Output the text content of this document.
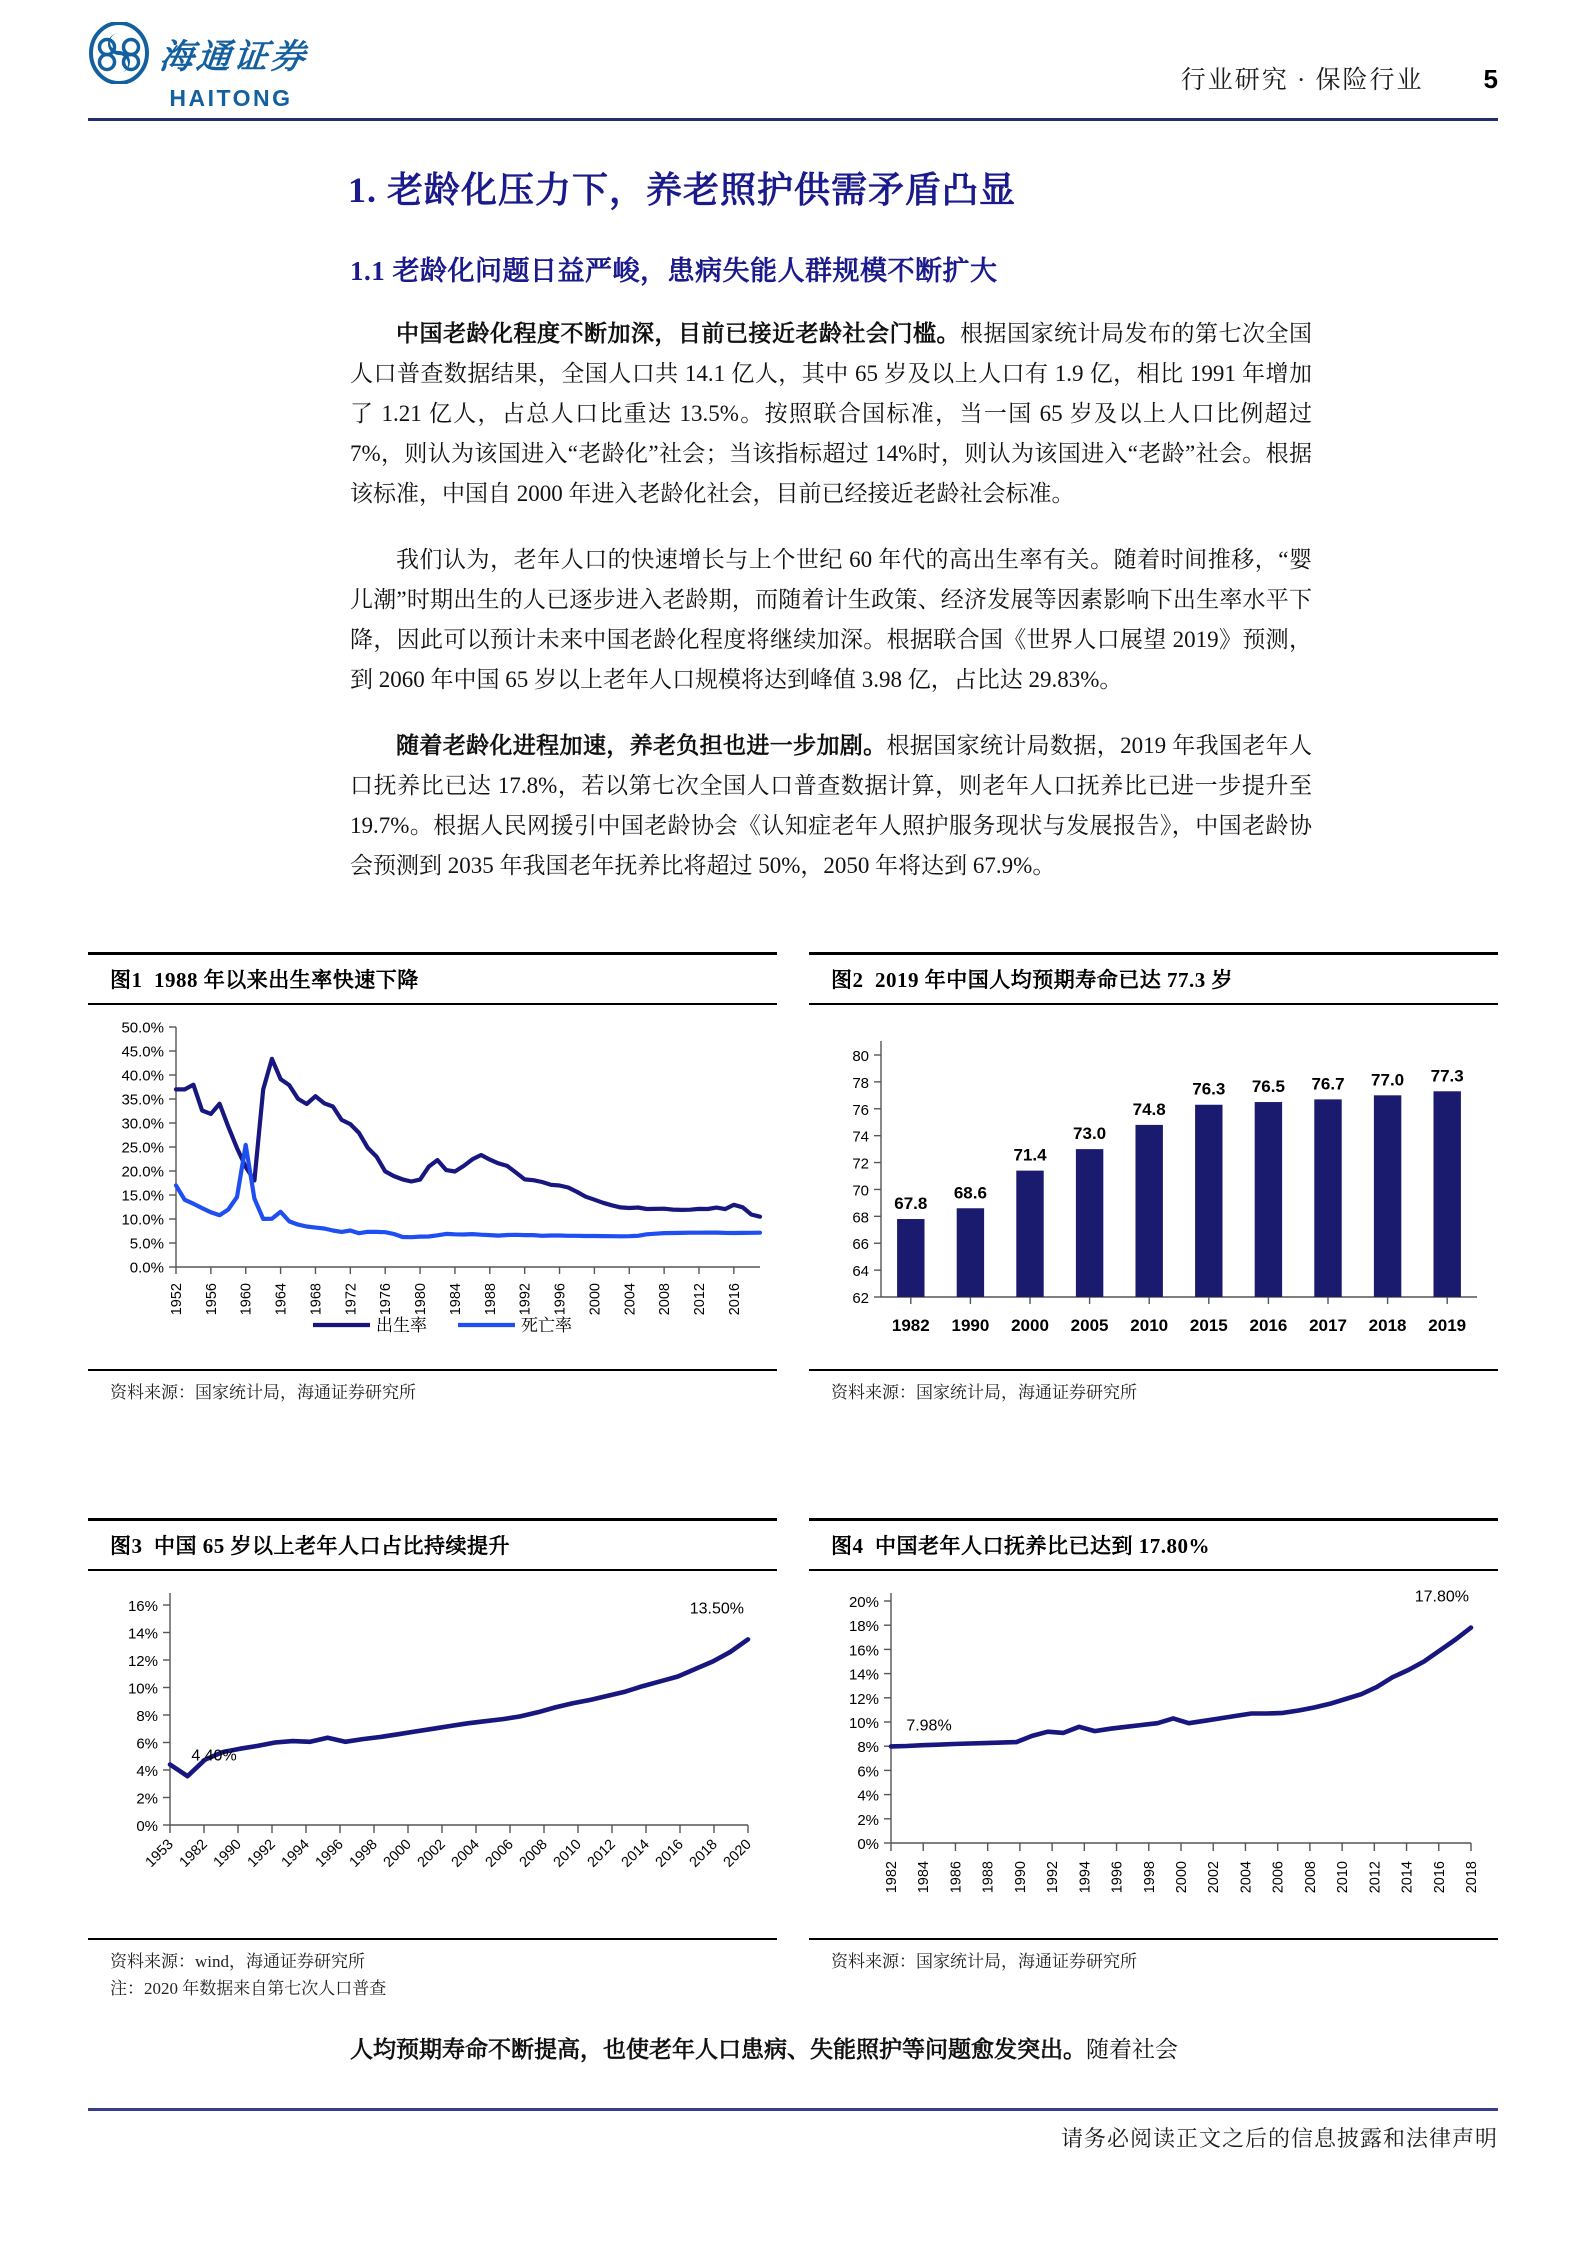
海通证券
HAITONG
行业研究 · 保险行业 5
1. 老龄化压力下，养老照护供需矛盾凸显
1.1 老龄化问题日益严峻，患病失能人群规模不断扩大

中国老龄化程度不断加深，目前已接近老龄社会门槛。根据国家统计局发布的第七次全国人口普查数据结果，全国人口共 14.1 亿人，其中 65 岁及以上人口有 1.9 亿，相比 1991 年增加了 1.21 亿人，占总人口比重达 13.5%。按照联合国标准，当一国 65 岁及以上人口比例超过 7%，则认为该国进入“老龄化”社会；当该指标超过 14%时，则认为该国进入“老龄”社会。根据该标准，中国自 2000 年进入老龄化社会，目前已经接近老龄社会标准。

我们认为，老年人口的快速增长与上个世纪 60 年代的高出生率有关。随着时间推移，“婴儿潮”时期出生的人已逐步进入老龄期，而随着计生政策、经济发展等因素影响下出生率水平下降，因此可以预计未来中国老龄化程度将继续加深。根据联合国《世界人口展望 2019》预测，到 2060 年中国 65 岁以上老年人口规模将达到峰值 3.98 亿，占比达 29.83%。

随着老龄化进程加速，养老负担也进一步加剧。根据国家统计局数据，2019 年我国老年人口抚养比已达 17.8%，若以第七次全国人口普查数据计算，则老年人口抚养比已进一步提升至 19.7%。根据人民网援引中国老龄协会《认知症老年人照护服务现状与发展报告》，中国老龄协会预测到 2035 年我国老年抚养比将超过 50%，2050 年将达到 67.9%。

图1 1988 年以来出生率快速下降
0.0%
5.0%
10.0%
15.0%
20.0%
25.0%
30.0%
35.0%
40.0%
45.0%
50.0%
1952 1956 1960 1964 1968 1972 1976 1980 1984 1988 1992 1996 2000 2004 2008 2012 2016
出生率	死亡率
资料来源：国家统计局，海通证券研究所
图2 2019 年中国人均预期寿命已达 77.3 岁
62
64
66
68
70
72
74
76
78
80
67.8
1982
68.6
1990
71.4
2000
73.0
2005
74.8
2010
76.3
2015
76.5
2016
76.7
2017
77.0
2018
77.3
2019
资料来源：国家统计局，海通证券研究所
图3 中国 65 岁以上老年人口占比持续提升
0%
2%
4%
6%
8%
10%
12%
14%
16%
1953 1982 1990 1992 1994 1996 1998 2000 2002 2004 2006 2008 2010 2012 2014 2016 2018 2020
4.40%
13.50%
资料来源：wind，海通证券研究所
注：2020 年数据来自第七次人口普查
图4 中国老年人口抚养比已达到 17.80%
0%
2%
4%
6%
8%
10%
12%
14%
16%
18%
20%
1982 1984 1986 1988 1990 1992 1994 1996 1998 2000 2002 2004 2006 2008 2010 2012 2014 2016 2018
7.98%
17.80%
资料来源：国家统计局，海通证券研究所
人均预期寿命不断提高，也使老年人口患病、失能照护等问题愈发突出。随着社会
请务必阅读正文之后的信息披露和法律声明
